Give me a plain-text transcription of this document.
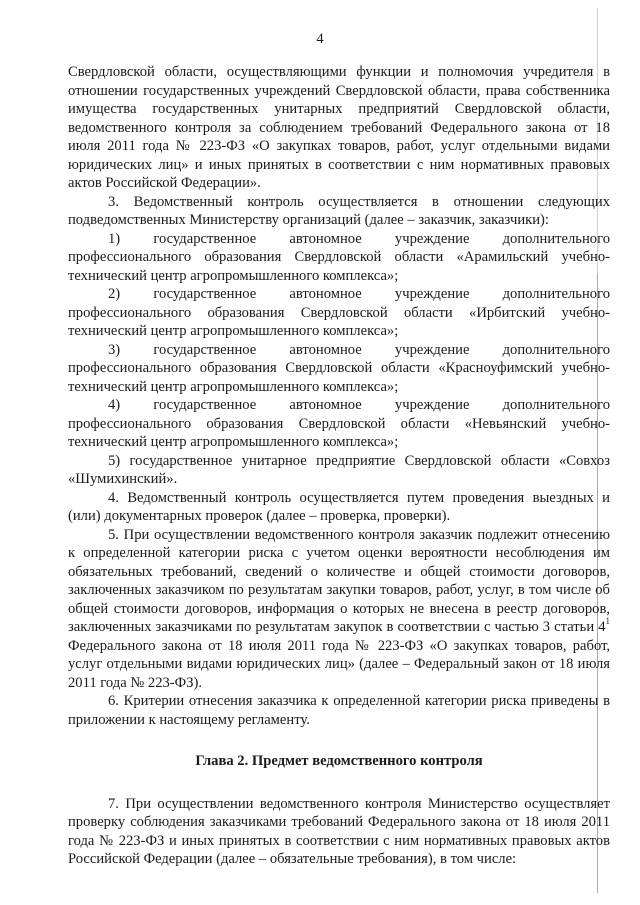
4

Свердловской области, осуществляющими функции и полномочия учредителя в отношении государственных учреждений Свердловской области, права собственника имущества государственных унитарных предприятий Свердловской области, ведомственного контроля за соблюдением требований Федерального закона от 18 июля 2011 года № 223-ФЗ «О закупках товаров, работ, услуг отдельными видами юридических лиц» и иных принятых в соответствии с ним нормативных правовых актов Российской Федерации».

3. Ведомственный контроль осуществляется в отношении следующих подведомственных Министерству организаций (далее – заказчик, заказчики):

1) государственное автономное учреждение дополнительного профессионального образования Свердловской области «Арамильский учебно-технический центр агропромышленного комплекса»;

2) государственное автономное учреждение дополнительного профессионального образования Свердловской области «Ирбитский учебно-технический центр агропромышленного комплекса»;

3) государственное автономное учреждение дополнительного профессионального образования Свердловской области «Красноуфимский учебно-технический центр агропромышленного комплекса»;

4) государственное автономное учреждение дополнительного профессионального образования Свердловской области «Невьянский учебно-технический центр агропромышленного комплекса»;

5) государственное унитарное предприятие Свердловской области «Совхоз «Шумихинский».

4. Ведомственный контроль осуществляется путем проведения выездных и (или) документарных проверок (далее – проверка, проверки).

5. При осуществлении ведомственного контроля заказчик подлежит отнесению к определенной категории риска с учетом оценки вероятности несоблюдения им обязательных требований, сведений о количестве и общей стоимости договоров, заключенных заказчиком по результатам закупки товаров, работ, услуг, в том числе об общей стоимости договоров, информация о которых не внесена в реестр договоров, заключенных заказчиками по результатам закупок в соответствии с частью 3 статьи $4^1$ Федерального закона от 18 июля 2011 года № 223-ФЗ «О закупках товаров, работ, услуг отдельными видами юридических лиц» (далее – Федеральный закон от 18 июля 2011 года № 223-ФЗ).

6. Критерии отнесения заказчика к определенной категории риска приведены в приложении к настоящему регламенту.

Глава 2. Предмет ведомственного контроля

7. При осуществлении ведомственного контроля Министерство осуществляет проверку соблюдения заказчиками требований Федерального закона от 18 июля 2011 года № 223-ФЗ и иных принятых в соответствии с ним нормативных правовых актов Российской Федерации (далее – обязательные требования), в том числе:
